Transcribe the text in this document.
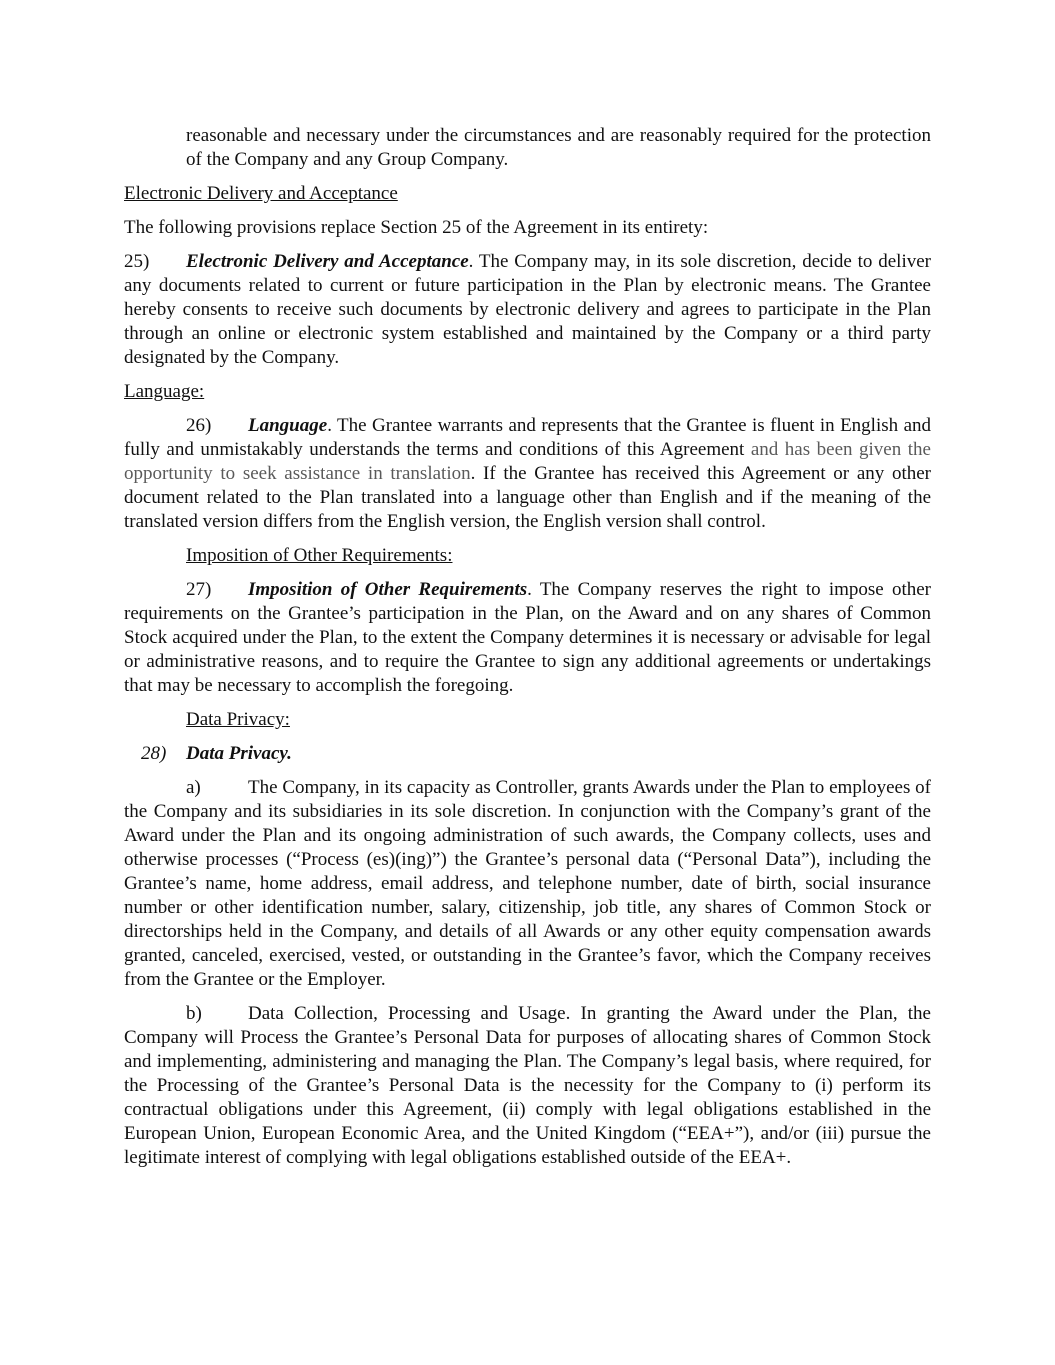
reasonable and necessary under the circumstances and are reasonably required for the protection of the Company and any Group Company.

Electronic Delivery and Acceptance

The following provisions replace Section 25 of the Agreement in its entirety:

25) Electronic Delivery and Acceptance. The Company may, in its sole discretion, decide to deliver any documents related to current or future participation in the Plan by electronic means. The Grantee hereby consents to receive such documents by electronic delivery and agrees to participate in the Plan through an online or electronic system established and maintained by the Company or a third party designated by the Company.

Language:

26) Language. The Grantee warrants and represents that the Grantee is fluent in English and fully and unmistakably understands the terms and conditions of this Agreement and has been given the opportunity to seek assistance in translation. If the Grantee has received this Agreement or any other document related to the Plan translated into a language other than English and if the meaning of the translated version differs from the English version, the English version shall control.

Imposition of Other Requirements:

27) Imposition of Other Requirements. The Company reserves the right to impose other requirements on the Grantee’s participation in the Plan, on the Award and on any shares of Common Stock acquired under the Plan, to the extent the Company determines it is necessary or advisable for legal or administrative reasons, and to require the Grantee to sign any additional agreements or undertakings that may be necessary to accomplish the foregoing.

Data Privacy:

28) Data Privacy.

a) The Company, in its capacity as Controller, grants Awards under the Plan to employees of the Company and its subsidiaries in its sole discretion. In conjunction with the Company’s grant of the Award under the Plan and its ongoing administration of such awards, the Company collects, uses and otherwise processes (“Process (es)(ing)”) the Grantee’s personal data (“Personal Data”), including the Grantee’s name, home address, email address, and telephone number, date of birth, social insurance number or other identification number, salary, citizenship, job title, any shares of Common Stock or directorships held in the Company, and details of all Awards or any other equity compensation awards granted, canceled, exercised, vested, or outstanding in the Grantee’s favor, which the Company receives from the Grantee or the Employer.

b) Data Collection, Processing and Usage. In granting the Award under the Plan, the Company will Process the Grantee’s Personal Data for purposes of allocating shares of Common Stock and implementing, administering and managing the Plan. The Company’s legal basis, where required, for the Processing of the Grantee’s Personal Data is the necessity for the Company to (i) perform its contractual obligations under this Agreement, (ii) comply with legal obligations established in the European Union, European Economic Area, and the United Kingdom (“EEA+”), and/or (iii) pursue the legitimate interest of complying with legal obligations established outside of the EEA+.
